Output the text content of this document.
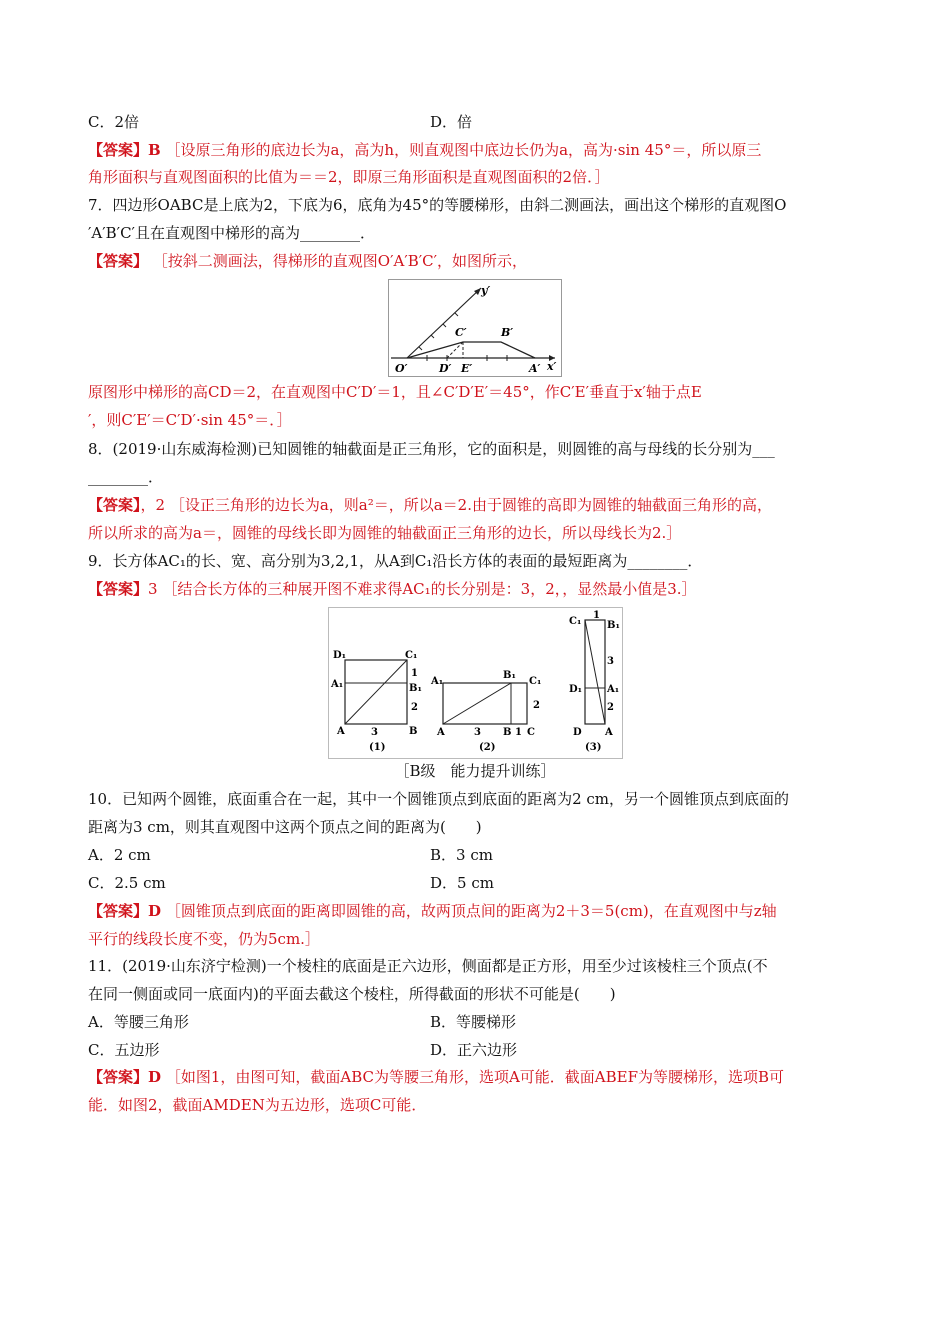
C．2倍	D．倍
【答案】B ［设原三角形的底边长为a，高为h，则直观图中底边长仍为a，高为·sin 45°＝，所以原三
角形面积与直观图面积的比值为＝＝2，即原三角形面积是直观图面积的2倍．］
7．四边形OABC是上底为2，下底为6，底角为45°的等腰梯形，由斜二测画法，画出这个梯形的直观图O
′A′B′C′且在直观图中梯形的高为________．
【答案】 ［按斜二测画法，得梯形的直观图O′A′B′C′，如图所示，
y′
C′	B′
O′	D′ E′	A′ x′
原图形中梯形的高CD＝2，在直观图中C′D′＝1，且∠C′D′E′＝45°，作C′E′垂直于x′轴于点E
′，则C′E′＝C′D′·sin 45°＝．］
8．(2019·山东威海检测)已知圆锥的轴截面是正三角形，它的面积是，则圆锥的高与母线的长分别为___
________．
【答案】，2 ［设正三角形的边长为a，则a²＝，所以a＝2.由于圆锥的高即为圆锥的轴截面三角形的高，
所以所求的高为a＝，圆锥的母线长即为圆锥的轴截面正三角形的边长，所以母线长为2.］
9．长方体AC₁的长、宽、高分别为3,2,1，从A到C₁沿长方体的表面的最短距离为________．
【答案】3 ［结合长方体的三种展开图不难求得AC₁的长分别是：3，2，，显然最小值是3.］
D₁	C₁
A₁	B₁
1
2
3
A	B
(1)
A₁
B₁
C₁
2
A	3 B 1 C
(2)
C₁
1
B₁
3
D₁ A₁
2
D A
(3)
［B级　能力提升训练］
10．已知两个圆锥，底面重合在一起，其中一个圆锥顶点到底面的距离为2 cm，另一个圆锥顶点到底面的
距离为3 cm，则其直观图中这两个顶点之间的距离为(　　)
A．2 cm	B．3 cm
C．2.5 cm	D．5 cm
【答案】D ［圆锥顶点到底面的距离即圆锥的高，故两顶点间的距离为2＋3＝5(cm)，在直观图中与z轴
平行的线段长度不变，仍为5cm.］
11．(2019·山东济宁检测)一个棱柱的底面是正六边形，侧面都是正方形，用至少过该棱柱三个顶点(不
在同一侧面或同一底面内)的平面去截这个棱柱，所得截面的形状不可能是(　　)
A．等腰三角形	B．等腰梯形
C．五边形	D．正六边形
【答案】D ［如图1，由图可知，截面ABC为等腰三角形，选项A可能．截面ABEF为等腰梯形，选项B可
能．如图2，截面AMDEN为五边形，选项C可能．
